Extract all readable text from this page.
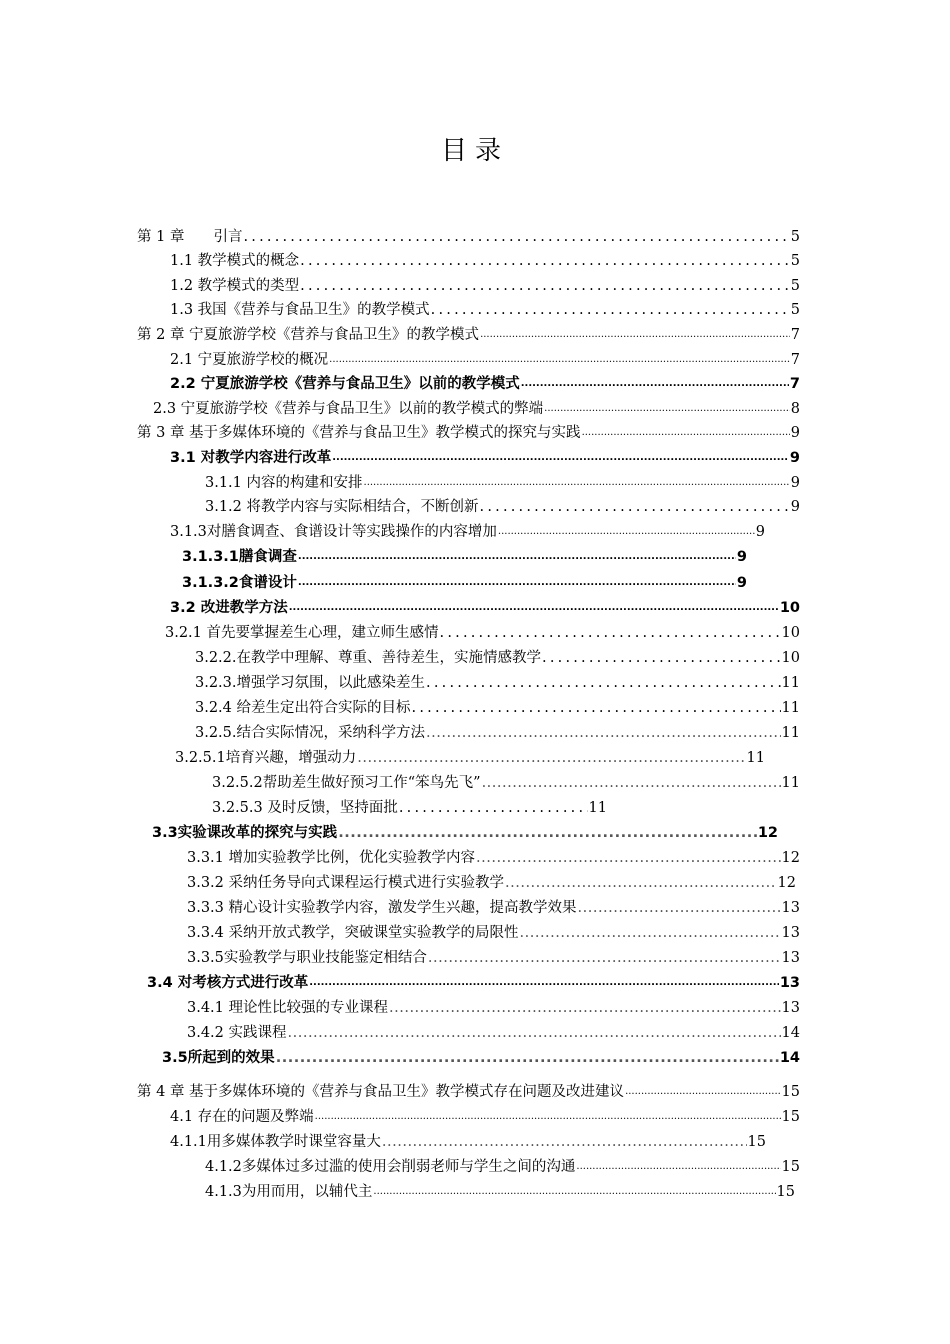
目录
第 1 章　　引言 .....	5
1.1 教学模式的概念 .....	5
1.2 教学模式的类型 .....	5
1.3 我国《营养与食品卫生》的教学模式 .....	5
第 2 章 宁夏旅游学校《营养与食品卫生》的教学模式 .....	7
2.1 宁夏旅游学校的概况 .....	7
2.2 宁夏旅游学校《营养与食品卫生》以前的教学模式 .....	7
2.3 宁夏旅游学校《营养与食品卫生》以前的教学模式的弊端 .....	8
第 3 章 基于多媒体环境的《营养与食品卫生》教学模式的探究与实践 .....	9
3.1 对教学内容进行改革 .....	9
3.1.1 内容的构建和安排 .....	9
3.1.2 将教学内容与实际相结合，不断创新 .....	9
3.1.3对膳食调查、食谱设计等实践操作的内容增加 .....	9
3.1.3.1膳食调查 .....	9
3.1.3.2食谱设计 .....	9
3.2 改进教学方法 .....	10
3.2.1 首先要掌握差生心理，建立师生感情 .....	10
3.2.2.在教学中理解、尊重、善待差生，实施情感教学 .....	10
3.2.3.增强学习氛围，以此感染差生 .....	11
3.2.4 给差生定出符合实际的目标 .....	11
3.2.5.结合实际情况，采纳科学方法 .....	11
3.2.5.1培育兴趣，增强动力 .....	11
3.2.5.2帮助差生做好预习工作“笨鸟先飞” .....	11
3.2.5.3 及时反馈，坚持面批 .....	11
3.3实验课改革的探究与实践 .....	12
3.3.1 增加实验教学比例，优化实验教学内容 .....	12
3.3.2 采纳任务导向式课程运行模式进行实验教学 .....	12
3.3.3 精心设计实验教学内容，激发学生兴趣，提高教学效果 .....	13
3.3.4 采纳开放式教学，突破课堂实验教学的局限性 .....	13
3.3.5实验教学与职业技能鉴定相结合 .....	13
3.4 对考核方式进行改革 .....	13
3.4.1 理论性比较强的专业课程 .....	13
3.4.2 实践课程 .....	14
3.5所起到的效果 .....	14
第 4 章 基于多媒体环境的《营养与食品卫生》教学模式存在问题及改进建议 .....	15
4.1 存在的问题及弊端 .....	15
4.1.1用多媒体教学时课堂容量大 .....	15
4.1.2多媒体过多过滥的使用会削弱老师与学生之间的沟通 .....	15
4.1.3为用而用，以辅代主 .....	15
